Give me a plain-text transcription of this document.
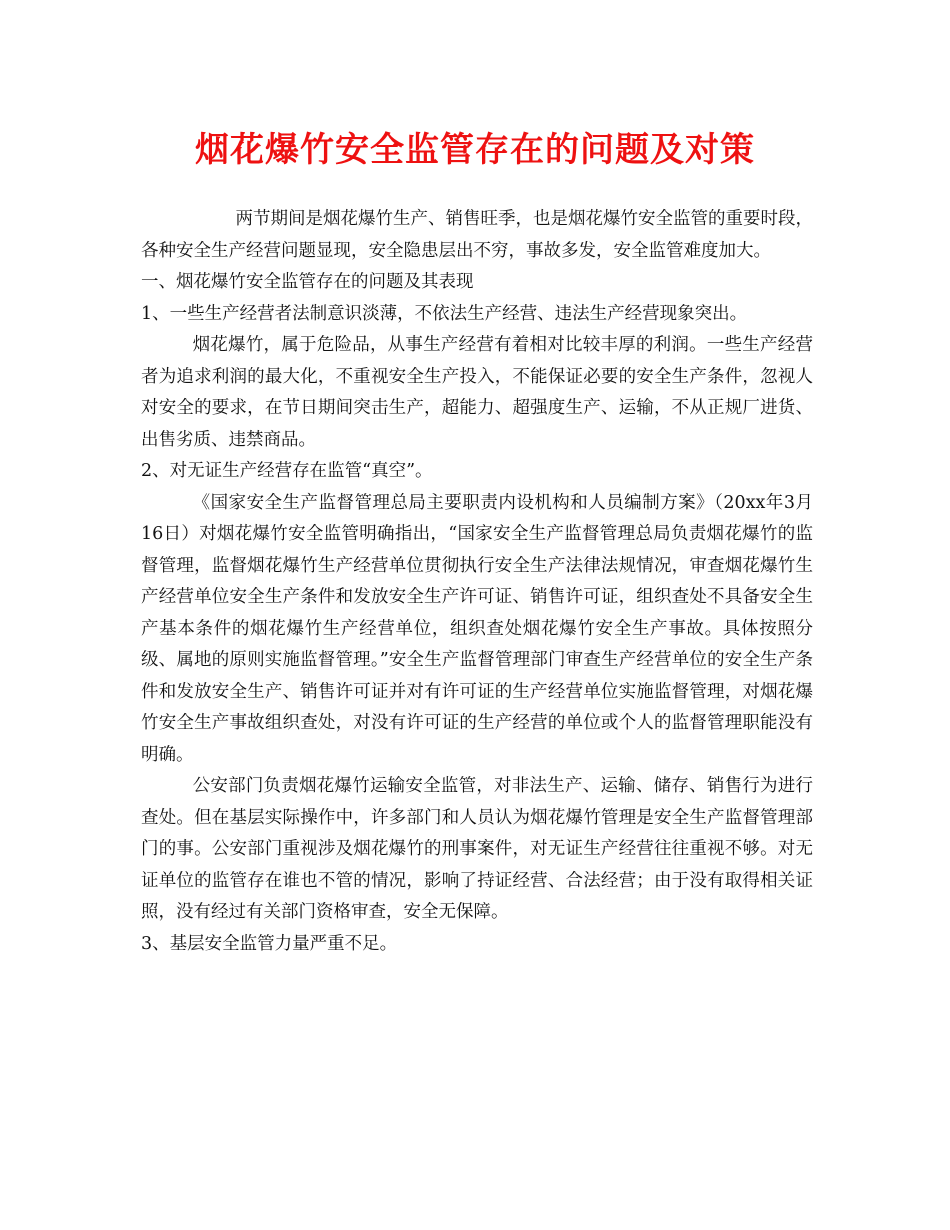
烟花爆竹安全监管存在的问题及对策

两节期间是烟花爆竹生产、销售旺季，也是烟花爆竹安全监管的重要时段，各种安全生产经营问题显现，安全隐患层出不穷，事故多发，安全监管难度加大。

一、烟花爆竹安全监管存在的问题及其表现

1、一些生产经营者法制意识淡薄，不依法生产经营、违法生产经营现象突出。

烟花爆竹，属于危险品，从事生产经营有着相对比较丰厚的利润。一些生产经营者为追求利润的最大化，不重视安全生产投入，不能保证必要的安全生产条件，忽视人对安全的要求，在节日期间突击生产，超能力、超强度生产、运输，不从正规厂进货、出售劣质、违禁商品。

2、对无证生产经营存在监管“真空”。

《国家安全生产监督管理总局主要职责内设机构和人员编制方案》（20xx年3月16日）对烟花爆竹安全监管明确指出，“国家安全生产监督管理总局负责烟花爆竹的监督管理，监督烟花爆竹生产经营单位贯彻执行安全生产法律法规情况，审查烟花爆竹生产经营单位安全生产条件和发放安全生产许可证、销售许可证，组织查处不具备安全生产基本条件的烟花爆竹生产经营单位，组织查处烟花爆竹安全生产事故。具体按照分级、属地的原则实施监督管理。”安全生产监督管理部门审查生产经营单位的安全生产条件和发放安全生产、销售许可证并对有许可证的生产经营单位实施监督管理，对烟花爆竹安全生产事故组织查处，对没有许可证的生产经营的单位或个人的监督管理职能没有明确。

公安部门负责烟花爆竹运输安全监管，对非法生产、运输、储存、销售行为进行查处。但在基层实际操作中，许多部门和人员认为烟花爆竹管理是安全生产监督管理部门的事。公安部门重视涉及烟花爆竹的刑事案件，对无证生产经营往往重视不够。对无证单位的监管存在谁也不管的情况，影响了持证经营、合法经营；由于没有取得相关证照，没有经过有关部门资格审查，安全无保障。

3、基层安全监管力量严重不足。
